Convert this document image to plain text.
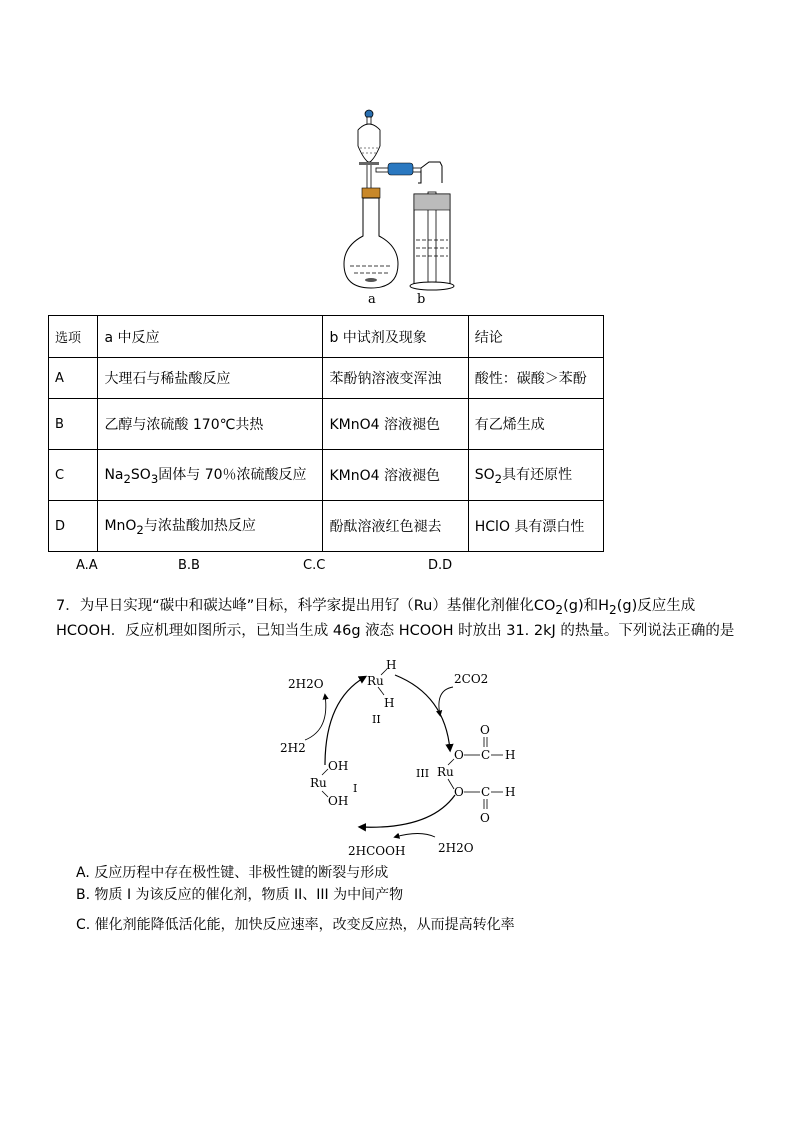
a	b
选项	a 中反应	b 中试剂及现象	结论
A	大理石与稀盐酸反应	苯酚钠溶液变浑浊	酸性：碳酸＞苯酚
B	乙醇与浓硫酸 170℃共热	KMnO4 溶液褪色	有乙烯生成
C	$Na_2SO_3$固体与 70％浓硫酸反应	KMnO4 溶液褪色	$SO_2$具有还原性
D	MnO$_2$与浓盐酸加热反应	酚酞溶液红色褪去	HClO 具有漂白性
A.A	B.B	C.C	D.D
7．为早日实现“碳中和碳达峰”目标，科学家提出用钌（Ru）基催化剂催化$CO_2(g)$和$H_2(g)$反应生成 HCOOH．反应机理如图所示，已知当生成 46g 液态 HCOOH 时放出 31. 2kJ 的热量。下列说法正确的是
2H2O
2H2
2CO2
2H2O
2HCOOH
Ru
H
H
II
Ru
OH
OH
I
III Ru
O C
O
H
O C
O
H
A. 反应历程中存在极性键、非极性键的断裂与形成
B. 物质 I 为该反应的催化剂，物质 II、III 为中间产物
C. 催化剂能降低活化能，加快反应速率，改变反应热，从而提高转化率
